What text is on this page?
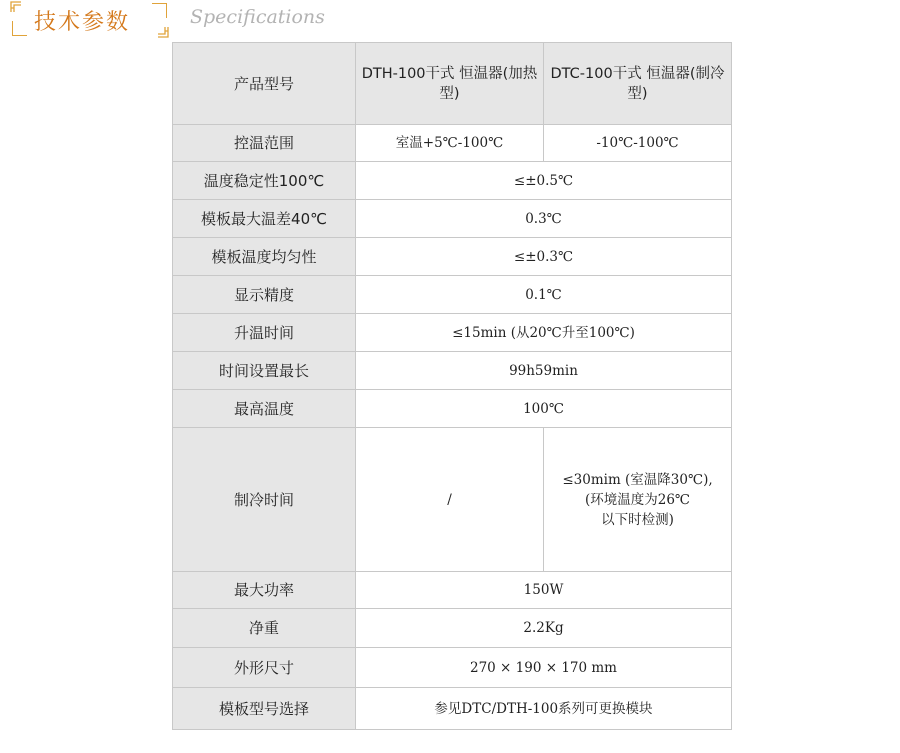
技术参数	Specifications
产品型号	DTH-100干式 恒温器(加热型)	DTC-100干式 恒温器(制冷型)
控温范围	室温+5℃-100℃	-10℃-100℃
温度稳定性100℃	≤±0.5℃	
模板最大温差40℃	0.3℃	
模板温度均匀性	≤±0.3℃	
显示精度	0.1℃	
升温时间	≤15min (从20℃升至100℃)	
时间设置最长	99h59min	
最高温度	100℃	
制冷时间	/	≤30mim (室温降30℃),
(环境温度为26℃
以下时检测)

最大功率	150W	
净重	2.2Kg	
外形尺寸	270 × 190 × 170 mm	
模板型号选择	参见DTC/DTH-100系列可更换模块	
